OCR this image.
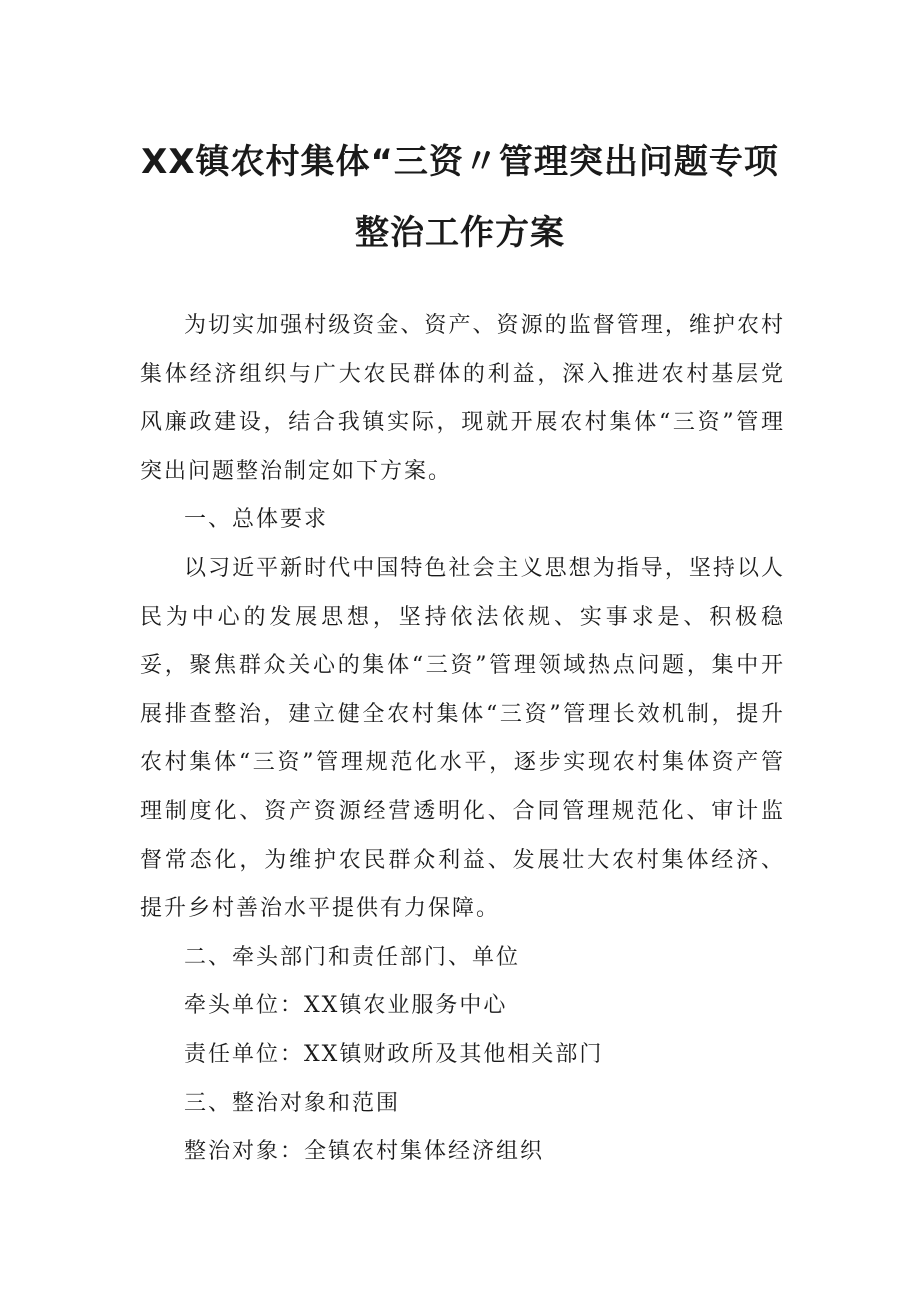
XX镇农村集体“三资〃管理突出问题专项
整治工作方案

为切实加强村级资金、资产、资源的监督管理，维护农村集体经济组织与广大农民群体的利益，深入推进农村基层党风廉政建设，结合我镇实际，现就开展农村集体“三资”管理突出问题整治制定如下方案。

一、总体要求

以习近平新时代中国特色社会主义思想为指导，坚持以人民为中心的发展思想，坚持依法依规、实事求是、积极稳妥，聚焦群众关心的集体“三资”管理领域热点问题，集中开展排查整治，建立健全农村集体“三资”管理长效机制，提升农村集体“三资”管理规范化水平，逐步实现农村集体资产管理制度化、资产资源经营透明化、合同管理规范化、审计监督常态化，为维护农民群众利益、发展壮大农村集体经济、提升乡村善治水平提供有力保障。

二、牵头部门和责任部门、单位

牵头单位：XX镇农业服务中心

责任单位：XX镇财政所及其他相关部门

三、整治对象和范围

整治对象：全镇农村集体经济组织
